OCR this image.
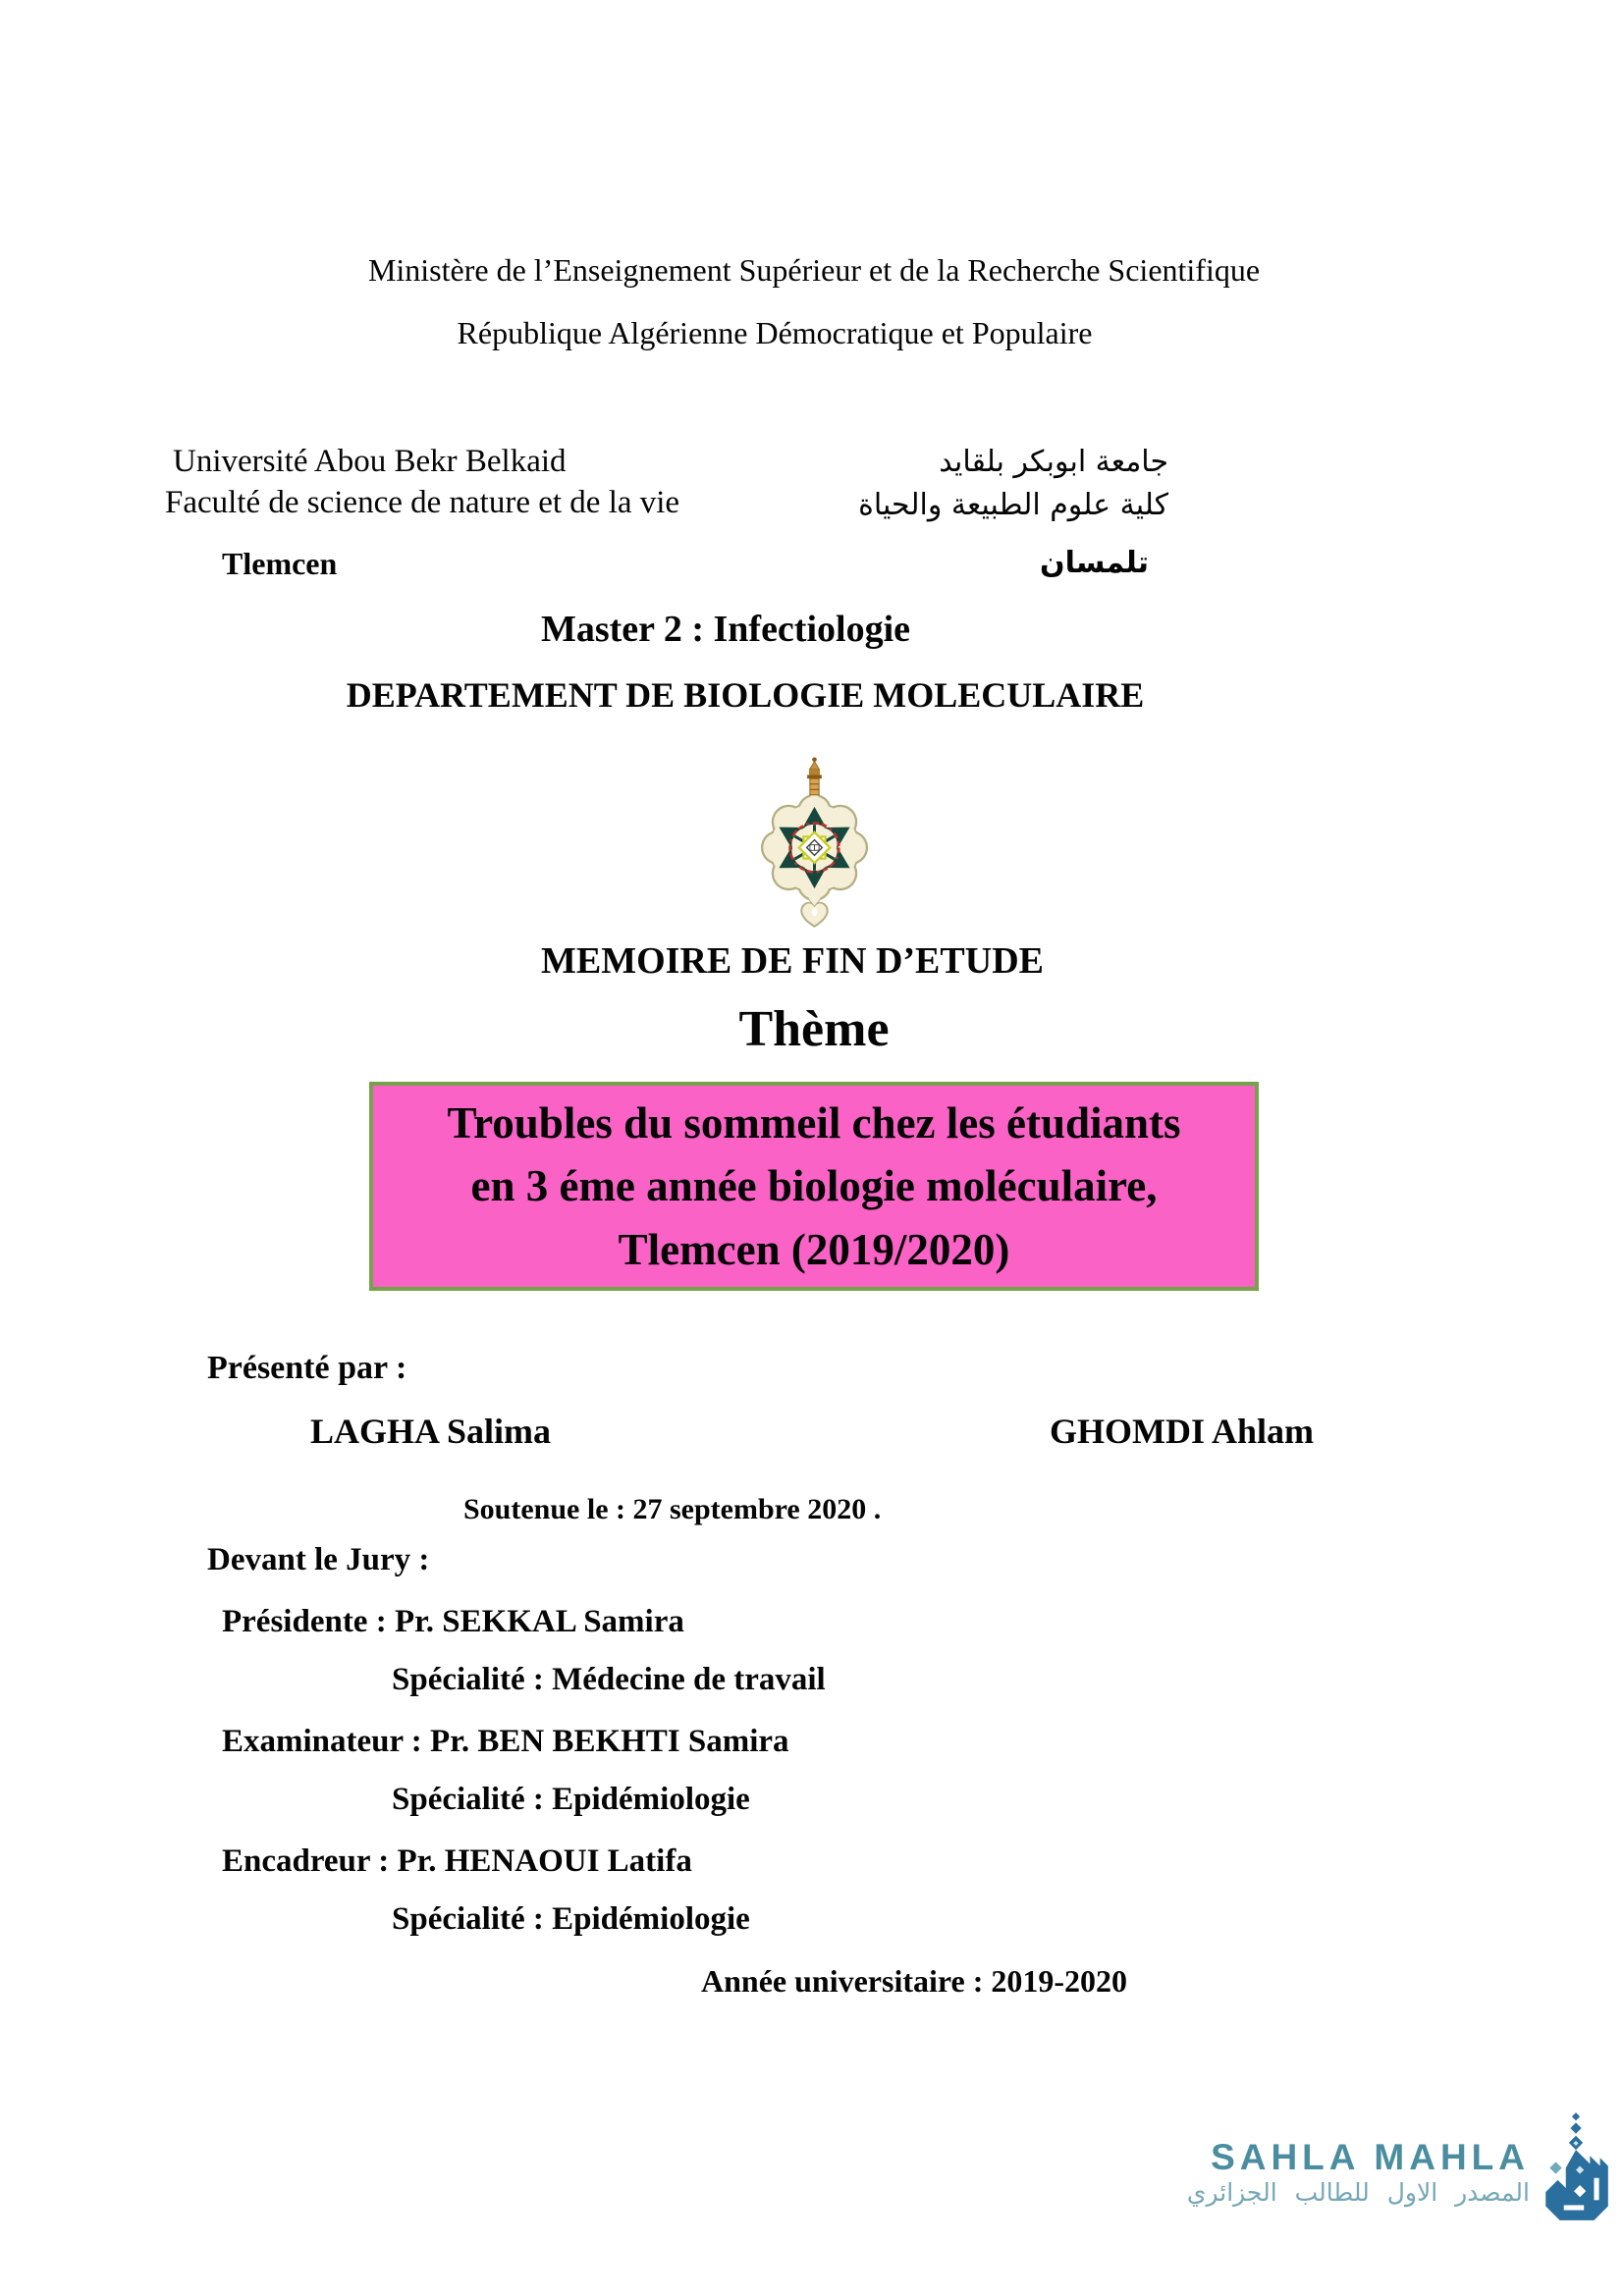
Ministère de l’Enseignement Supérieur et de la Recherche Scientifique
République Algérienne Démocratique et Populaire
Université Abou Bekr Belkaid
Faculté de science de nature et de la vie
جامعة ابوبكر بلقايد
كلية علوم الطبيعة والحياة
Tlemcen	تلمسان
Master 2 : Infectiologie
DEPARTEMENT DE BIOLOGIE MOLECULAIRE
MEMOIRE DE FIN D’ETUDE
Thème
Troubles du sommeil chez les étudiants
en 3 éme année biologie moléculaire,
Tlemcen (2019/2020)
Présenté par :
LAGHA Salima	GHOMDI Ahlam
Soutenue le : 27 septembre 2020 .
Devant le Jury :
Présidente : Pr. SEKKAL Samira
Spécialité : Médecine de travail
Examinateur : Pr. BEN BEKHTI Samira
Spécialité : Epidémiologie
Encadreur : Pr. HENAOUI Latifa
Spécialité : Epidémiologie
Année universitaire : 2019-2020
SAHLA MAHLA
المصدر الاول للطالب الجزائري
